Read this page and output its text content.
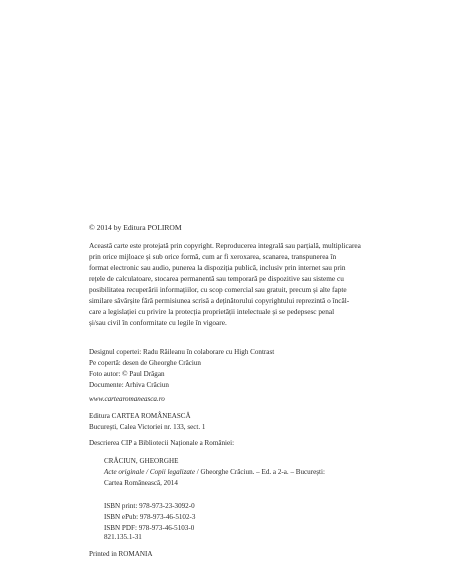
© 2014 by Editura POLIROM
Această carte este protejată prin copyright. Reproducerea integrală sau parțială, multiplicarea
prin orice mijloace și sub orice formă, cum ar fi xeroxarea, scanarea, transpunerea în
format electronic sau audio, punerea la dispoziția publică, inclusiv prin internet sau prin
rețele de calculatoare, stocarea permanentă sau temporară pe dispozitive sau sisteme cu
posibilitatea recuperării informațiilor, cu scop comercial sau gratuit, precum și alte fapte
similare săvârșite fără permisiunea scrisă a deținătorului copyrightului reprezintă o încăl-
care a legislației cu privire la protecția proprietății intelectuale și se pedepsesc penal
și/sau civil în conformitate cu legile în vigoare.
Designul copertei: Radu Răileanu în colaborare cu High Contrast
Pe copertă: desen de Gheorghe Crăciun
Foto autor: © Paul Drăgan
Documente: Arhiva Crăciun
www.cartearomaneasca.ro
Editura CARTEA ROMÂNEASCĂ
București, Calea Victoriei nr. 133, sect. 1
Descrierea CIP a Bibliotecii Naționale a României:
CRĂCIUN, GHEORGHE
Acte originale / Copii legalizate / Gheorghe Crăciun. – Ed. a 2-a. – București:
Cartea Românească, 2014
ISBN print: 978-973-23-3092-0
ISBN ePub: 978-973-46-5102-3
ISBN PDF: 978-973-46-5103-0
821.135.1-31
Printed in ROMANIA
